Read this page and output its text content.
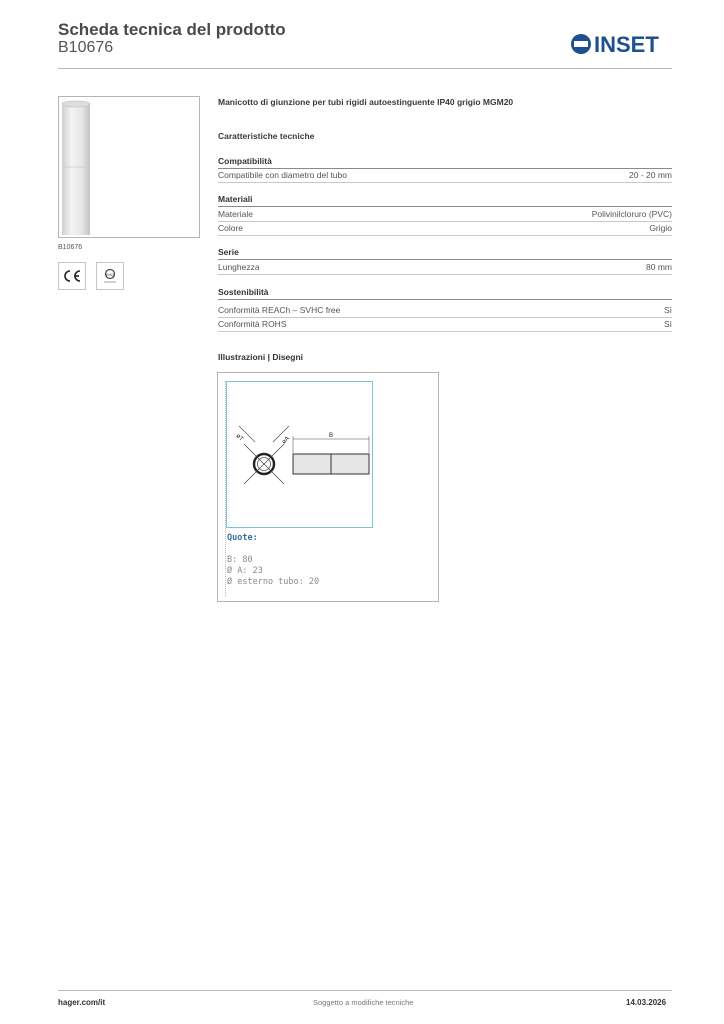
Scheda tecnica del prodotto
B10676	INSET
B10676
IMQ
Manicotto di giunzione per tubi rigidi autoestinguente IP40 grigio MGM20
Caratteristiche tecniche
Compatibilità
Compatibile con diametro del tubo	20 - 20 mm
Materiali
Materiale	Polivinilcloruro (PVC)
Colore	Grigio
Serie
Lunghezza	80 mm
Sostenibilità
Conformità REACh – SVHC free	Sì
Conformità ROHS	Sì
Illustrazioni | Disegni
øT	øA	B
Quote:
B: 80
Ø A: 23
Ø esterno tubo: 20
hager.com/it	Soggetto a modifiche tecniche	14.03.2026
